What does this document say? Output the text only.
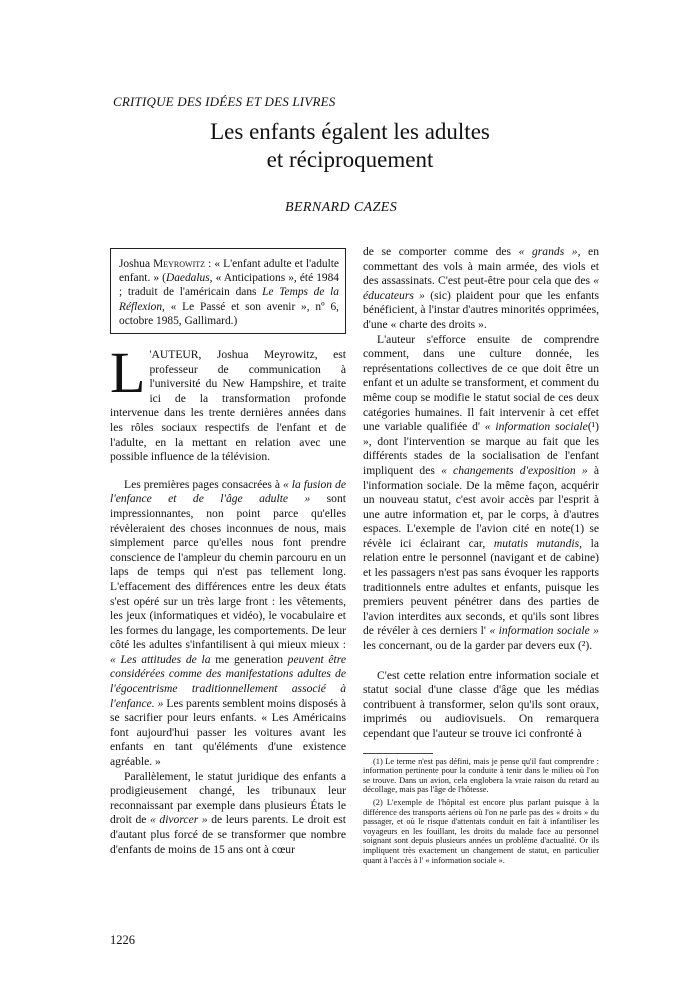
CRITIQUE DES IDÉES ET DES LIVRES
Les enfants égalent les adultes
et réciproquement
BERNARD CAZES

Joshua Meyrowitz : « L'enfant adulte et l'adulte enfant. » (Daedalus, « Anticipations », été 1984 ; traduit de l'américain dans Le Temps de la Réflexion, « Le Passé et son avenir », nº 6, octobre 1985, Gallimard.)

L 'AUTEUR, Joshua Meyrowitz, est professeur de communication à l'université du New Hampshire, et traite ici de la transformation profonde intervenue dans les trente dernières années dans les rôles sociaux respectifs de l'enfant et de l'adulte, en la mettant en relation avec une possible influence de la télévision.

Les premières pages consacrées à « la fusion de l'enfance et de l'âge adulte » sont impressionnantes, non point parce qu'elles révèleraient des choses inconnues de nous, mais simplement parce qu'elles nous font prendre conscience de l'ampleur du chemin parcouru en un laps de temps qui n'est pas tellement long. L'effacement des différences entre les deux états s'est opéré sur un très large front : les vêtements, les jeux (informatiques et vidéo), le vocabulaire et les formes du langage, les comportements. De leur côté les adultes s'infantilisent à qui mieux mieux : « Les attitudes de la me generation peuvent être considérées comme des manifestations adultes de l'égocentrisme traditionnellement associé à l'enfance. » Les parents semblent moins disposés à se sacrifier pour leurs enfants. « Les Américains font aujourd'hui passer les voitures avant les enfants en tant qu'éléments d'une existence agréable. »

Parallèlement, le statut juridique des enfants a prodigieusement changé, les tribunaux leur reconnaissant par exemple dans plusieurs États le droit de « divorcer » de leurs parents. Le droit est d'autant plus forcé de se transformer que nombre d'enfants de moins de 15 ans ont à cœur

de se comporter comme des « grands », en commettant des vols à main armée, des viols et des assassinats. C'est peut-être pour cela que des « éducateurs » (sic) plaident pour que les enfants bénéficient, à l'instar d'autres minorités opprimées, d'une « charte des droits ».

L'auteur s'efforce ensuite de comprendre comment, dans une culture donnée, les représentations collectives de ce que doit être un enfant et un adulte se transforment, et comment du même coup se modifie le statut social de ces deux catégories humaines. Il fait intervenir à cet effet une variable qualifiée d' « information sociale(¹) », dont l'intervention se marque au fait que les différents stades de la socialisation de l'enfant impliquent des « changements d'exposition » à l'information sociale. De la même façon, acquérir un nouveau statut, c'est avoir accès par l'esprit à une autre information et, par le corps, à d'autres espaces. L'exemple de l'avion cité en note(1) se révèle ici éclairant car, mutatis mutandis, la relation entre le personnel (navigant et de cabine) et les passagers n'est pas sans évoquer les rapports traditionnels entre adultes et enfants, puisque les premiers peuvent pénétrer dans des parties de l'avion interdites aux seconds, et qu'ils sont libres de révéler à ces derniers l' « information sociale » les concernant, ou de la garder par devers eux (²).

C'est cette relation entre information sociale et statut social d'une classe d'âge que les médias contribuent à transformer, selon qu'ils sont oraux, imprimés ou audiovisuels. On remarquera cependant que l'auteur se trouve ici confronté à

(1) Le terme n'est pas défini, mais je pense qu'il faut comprendre : information pertinente pour la conduite à tenir dans le milieu où l'on se trouve. Dans un avion, cela englobera la vraie raison du retard au décollage, mais pas l'âge de l'hôtesse.
(2) L'exemple de l'hôpital est encore plus parlant puisque à la différence des transports aériens où l'on ne parle pas des « droits » du passager, et où le risque d'attentats conduit en fait à infantiliser les voyageurs en les fouillant, les droits du malade face au personnel soignant sont depuis plusieurs années un problème d'actualité. Or ils impliquent très exactement un changement de statut, en particulier quant à l'accès à l' « information sociale ».
1226
